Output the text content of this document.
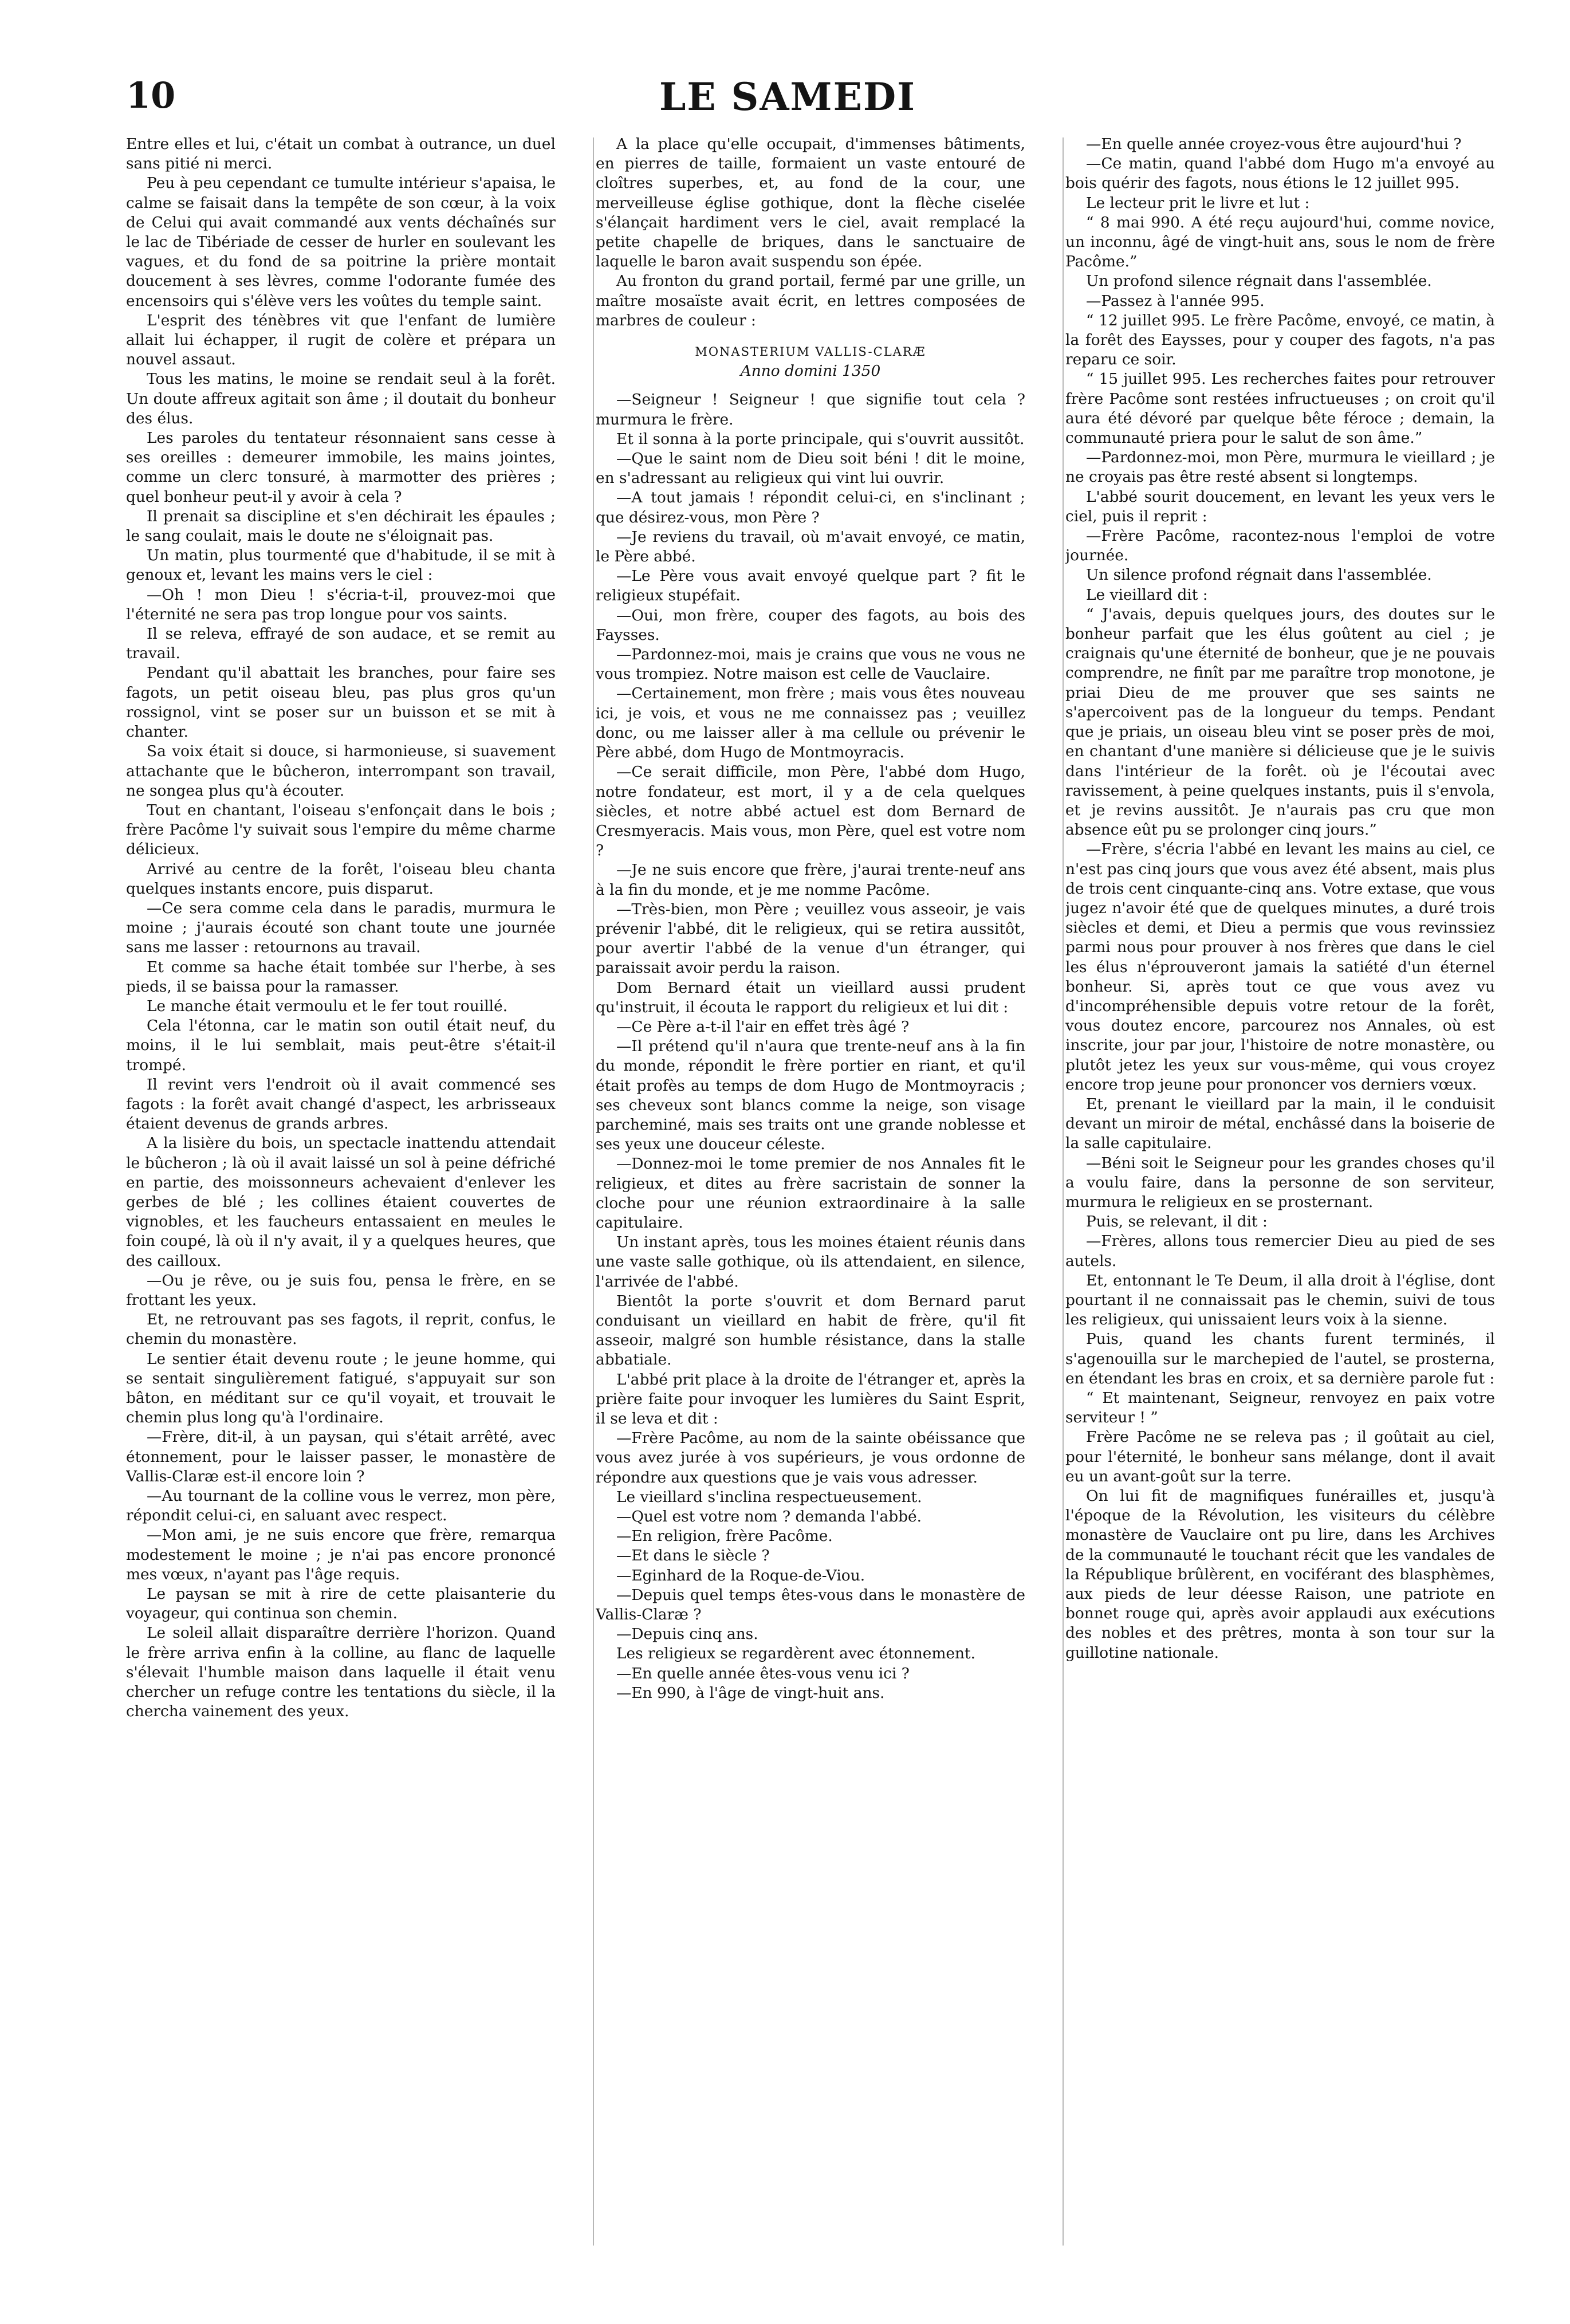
10	LE SAMEDI

Entre elles et lui, c'était un combat à outrance, un duel sans pitié ni merci.

Peu à peu cependant ce tumulte intérieur s'apaisa, le calme se faisait dans la tempête de son cœur, à la voix de Celui qui avait commandé aux vents déchaînés sur le lac de Tibériade de cesser de hurler en soulevant les vagues, et du fond de sa poitrine la prière montait doucement à ses lèvres, comme l'odorante fumée des encensoirs qui s'élève vers les voûtes du temple saint.

L'esprit des ténèbres vit que l'enfant de lumière allait lui échapper, il rugit de colère et prépara un nouvel assaut.

Tous les matins, le moine se rendait seul à la forêt. Un doute affreux agitait son âme ; il doutait du bonheur des élus.

Les paroles du tentateur résonnaient sans cesse à ses oreilles : demeurer immobile, les mains jointes, comme un clerc tonsuré, à marmotter des prières ; quel bonheur peut-il y avoir à cela ?

Il prenait sa discipline et s'en déchirait les épaules ; le sang coulait, mais le doute ne s'éloignait pas.

Un matin, plus tourmenté que d'habitude, il se mit à genoux et, levant les mains vers le ciel :

—Oh ! mon Dieu ! s'écria-t-il, prouvez-moi que l'éternité ne sera pas trop longue pour vos saints.

Il se releva, effrayé de son audace, et se remit au travail.

Pendant qu'il abattait les branches, pour faire ses fagots, un petit oiseau bleu, pas plus gros qu'un rossignol, vint se poser sur un buisson et se mit à chanter.

Sa voix était si douce, si harmonieuse, si suavement attachante que le bûcheron, interrompant son travail, ne songea plus qu'à écouter.

Tout en chantant, l'oiseau s'enfonçait dans le bois ; frère Pacôme l'y suivait sous l'empire du même charme délicieux.

Arrivé au centre de la forêt, l'oiseau bleu chanta quelques instants encore, puis disparut.

—Ce sera comme cela dans le paradis, murmura le moine ; j'aurais écouté son chant toute une journée sans me lasser : retournons au travail.

Et comme sa hache était tombée sur l'herbe, à ses pieds, il se baissa pour la ramasser.

Le manche était vermoulu et le fer tout rouillé.

Cela l'étonna, car le matin son outil était neuf, du moins, il le lui semblait, mais peut-être s'était-il trompé.

Il revint vers l'endroit où il avait commencé ses fagots : la forêt avait changé d'aspect, les arbrisseaux étaient devenus de grands arbres.

A la lisière du bois, un spectacle inattendu attendait le bûcheron ; là où il avait laissé un sol à peine défriché en partie, des moissonneurs achevaient d'enlever les gerbes de blé ; les collines étaient couvertes de vignobles, et les faucheurs entassaient en meules le foin coupé, là où il n'y avait, il y a quelques heures, que des cailloux.

—Ou je rêve, ou je suis fou, pensa le frère, en se frottant les yeux.

Et, ne retrouvant pas ses fagots, il reprit, confus, le chemin du monastère.

Le sentier était devenu route ; le jeune homme, qui se sentait singulièrement fatigué, s'appuyait sur son bâton, en méditant sur ce qu'il voyait, et trouvait le chemin plus long qu'à l'ordinaire.

—Frère, dit-il, à un paysan, qui s'était arrêté, avec étonnement, pour le laisser passer, le monastère de Vallis-Claræ est-il encore loin ?

—Au tournant de la colline vous le verrez, mon père, répondit celui-ci, en saluant avec respect.

—Mon ami, je ne suis encore que frère, remarqua modestement le moine ; je n'ai pas encore prononcé mes vœux, n'ayant pas l'âge requis.

Le paysan se mit à rire de cette plaisanterie du voyageur, qui continua son chemin.

Le soleil allait disparaître derrière l'horizon. Quand le frère arriva enfin à la colline, au flanc de laquelle s'élevait l'humble maison dans laquelle il était venu chercher un refuge contre les tentations du siècle, il la chercha vainement des yeux.

A la place qu'elle occupait, d'immenses bâtiments, en pierres de taille, formaient un vaste entouré de cloîtres superbes, et, au fond de la cour, une merveilleuse église gothique, dont la flèche ciselée s'élançait hardiment vers le ciel, avait remplacé la petite chapelle de briques, dans le sanctuaire de laquelle le baron avait suspendu son épée.

Au fronton du grand portail, fermé par une grille, un maître mosaïste avait écrit, en lettres composées de marbres de couleur :

MONASTERIUM VALLIS-CLARÆ

Anno domini 1350

—Seigneur ! Seigneur ! que signifie tout cela ? murmura le frère.

Et il sonna à la porte principale, qui s'ouvrit aussitôt.

—Que le saint nom de Dieu soit béni ! dit le moine, en s'adressant au religieux qui vint lui ouvrir.

—A tout jamais ! répondit celui-ci, en s'inclinant ; que désirez-vous, mon Père ?

—Je reviens du travail, où m'avait envoyé, ce matin, le Père abbé.

—Le Père vous avait envoyé quelque part ? fit le religieux stupéfait.

—Oui, mon frère, couper des fagots, au bois des Faysses.

—Pardonnez-moi, mais je crains que vous ne vous ne vous trompiez. Notre maison est celle de Vauclaire.

—Certainement, mon frère ; mais vous êtes nouveau ici, je vois, et vous ne me connaissez pas ; veuillez donc, ou me laisser aller à ma cellule ou prévenir le Père abbé, dom Hugo de Montmoyracis.

—Ce serait difficile, mon Père, l'abbé dom Hugo, notre fondateur, est mort, il y a de cela quelques siècles, et notre abbé actuel est dom Bernard de Cresmyeracis. Mais vous, mon Père, quel est votre nom ?

—Je ne suis encore que frère, j'aurai trente-neuf ans à la fin du monde, et je me nomme Pacôme.

—Très-bien, mon Père ; veuillez vous asseoir, je vais prévenir l'abbé, dit le religieux, qui se retira aussitôt, pour avertir l'abbé de la venue d'un étranger, qui paraissait avoir perdu la raison.

Dom Bernard était un vieillard aussi prudent qu'instruit, il écouta le rapport du religieux et lui dit :

—Ce Père a-t-il l'air en effet très âgé ?

—Il prétend qu'il n'aura que trente-neuf ans à la fin du monde, répondit le frère portier en riant, et qu'il était profès au temps de dom Hugo de Montmoyracis ; ses cheveux sont blancs comme la neige, son visage parcheminé, mais ses traits ont une grande noblesse et ses yeux une douceur céleste.

—Donnez-moi le tome premier de nos Annales fit le religieux, et dites au frère sacristain de sonner la cloche pour une réunion extraordinaire à la salle capitulaire.

Un instant après, tous les moines étaient réunis dans une vaste salle gothique, où ils attendaient, en silence, l'arrivée de l'abbé.

Bientôt la porte s'ouvrit et dom Bernard parut conduisant un vieillard en habit de frère, qu'il fit asseoir, malgré son humble résistance, dans la stalle abbatiale.

L'abbé prit place à la droite de l'étranger et, après la prière faite pour invoquer les lumières du Saint Esprit, il se leva et dit :

—Frère Pacôme, au nom de la sainte obéissance que vous avez jurée à vos supérieurs, je vous ordonne de répondre aux questions que je vais vous adresser.

Le vieillard s'inclina respectueusement.

—Quel est votre nom ? demanda l'abbé.

—En religion, frère Pacôme.

—Et dans le siècle ?

—Eginhard de la Roque-de-Viou.

—Depuis quel temps êtes-vous dans le monastère de Vallis-Claræ ?

—Depuis cinq ans.

Les religieux se regardèrent avec étonnement.

—En quelle année êtes-vous venu ici ?

—En 990, à l'âge de vingt-huit ans.

—En quelle année croyez-vous être aujourd'hui ?

—Ce matin, quand l'abbé dom Hugo m'a envoyé au bois quérir des fagots, nous étions le 12 juillet 995.

Le lecteur prit le livre et lut :

“ 8 mai 990. A été reçu aujourd'hui, comme novice, un inconnu, âgé de vingt-huit ans, sous le nom de frère Pacôme.”

Un profond silence régnait dans l'assemblée.

—Passez à l'année 995.

“ 12 juillet 995. Le frère Pacôme, envoyé, ce matin, à la forêt des Eaysses, pour y couper des fagots, n'a pas reparu ce soir.

“ 15 juillet 995. Les recherches faites pour retrouver frère Pacôme sont restées infructueuses ; on croit qu'il aura été dévoré par quelque bête féroce ; demain, la communauté priera pour le salut de son âme.”

—Pardonnez-moi, mon Père, murmura le vieillard ; je ne croyais pas être resté absent si longtemps.

L'abbé sourit doucement, en levant les yeux vers le ciel, puis il reprit :

—Frère Pacôme, racontez-nous l'emploi de votre journée.

Un silence profond régnait dans l'assemblée.

Le vieillard dit :

“ J'avais, depuis quelques jours, des doutes sur le bonheur parfait que les élus goûtent au ciel ; je craignais qu'une éternité de bonheur, que je ne pouvais comprendre, ne finît par me paraître trop monotone, je priai Dieu de me prouver que ses saints ne s'apercoivent pas de la longueur du temps. Pendant que je priais, un oiseau bleu vint se poser près de moi, en chantant d'une manière si délicieuse que je le suivis dans l'intérieur de la forêt. où je l'écoutai avec ravissement, à peine quelques instants, puis il s'envola, et je revins aussitôt. Je n'aurais pas cru que mon absence eût pu se prolonger cinq jours.”

—Frère, s'écria l'abbé en levant les mains au ciel, ce n'est pas cinq jours que vous avez été absent, mais plus de trois cent cinquante-cinq ans. Votre extase, que vous jugez n'avoir été que de quelques minutes, a duré trois siècles et demi, et Dieu a permis que vous revinssiez parmi nous pour prouver à nos frères que dans le ciel les élus n'éprouveront jamais la satiété d'un éternel bonheur. Si, après tout ce que vous avez vu d'incompréhensible depuis votre retour de la forêt, vous doutez encore, parcourez nos Annales, où est inscrite, jour par jour, l'histoire de notre monastère, ou plutôt jetez les yeux sur vous-même, qui vous croyez encore trop jeune pour prononcer vos derniers vœux.

Et, prenant le vieillard par la main, il le conduisit devant un miroir de métal, enchâssé dans la boiserie de la salle capitulaire.

—Béni soit le Seigneur pour les grandes choses qu'il a voulu faire, dans la personne de son serviteur, murmura le religieux en se prosternant.

Puis, se relevant, il dit :

—Frères, allons tous remercier Dieu au pied de ses autels.

Et, entonnant le Te Deum, il alla droit à l'église, dont pourtant il ne connaissait pas le chemin, suivi de tous les religieux, qui unissaient leurs voix à la sienne.

Puis, quand les chants furent terminés, il s'agenouilla sur le marchepied de l'autel, se prosterna, en étendant les bras en croix, et sa dernière parole fut :

“ Et maintenant, Seigneur, renvoyez en paix votre serviteur ! ”

Frère Pacôme ne se releva pas ; il goûtait au ciel, pour l'éternité, le bonheur sans mélange, dont il avait eu un avant-goût sur la terre.

On lui fit de magnifiques funérailles et, jusqu'à l'époque de la Révolution, les visiteurs du célèbre monastère de Vauclaire ont pu lire, dans les Archives de la communauté le touchant récit que les vandales de la République brûlèrent, en vociférant des blasphèmes, aux pieds de leur déesse Raison, une patriote en bonnet rouge qui, après avoir applaudi aux exécutions des nobles et des prêtres, monta à son tour sur la guillotine nationale.
